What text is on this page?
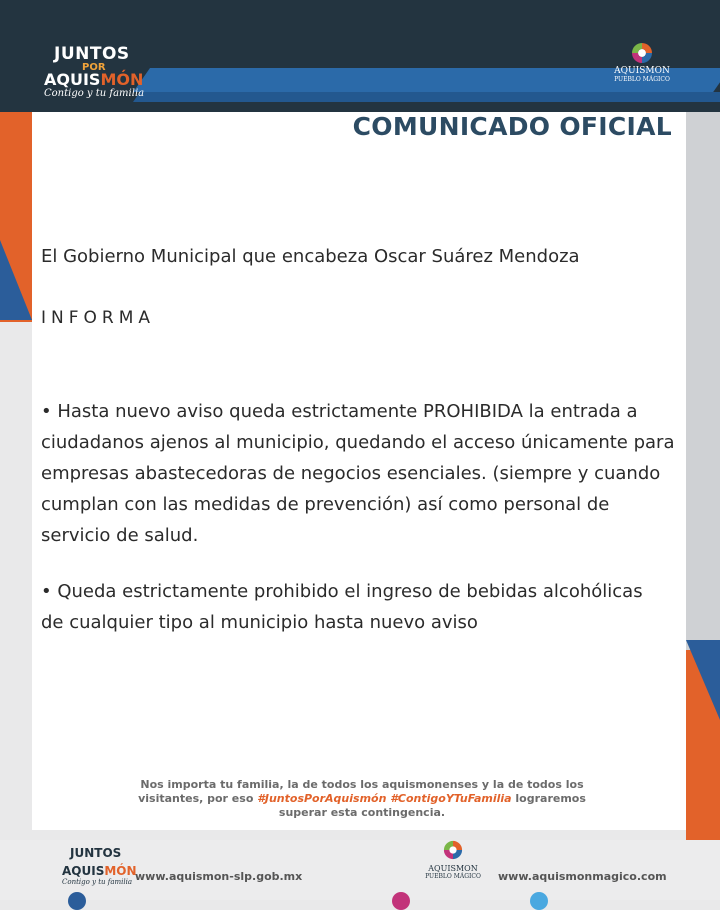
JUNTOS
POR
AQUISMÓN
Contigo y tu familia
AQUISMON
PUEBLO MÁGICO
COMUNICADO OFICIAL
El Gobierno Municipal que encabeza Oscar Suárez Mendoza
INFORMA
• Hasta nuevo aviso queda estrictamente PROHIBIDA la entrada a ciudadanos ajenos al municipio, quedando el acceso únicamente para empresas abastecedoras de negocios esenciales. (siempre y cuando cumplan con las medidas de prevención) así como personal de servicio de salud.
• Queda estrictamente prohibido el ingreso de bebidas alcohólicas
de cualquier tipo al municipio hasta nuevo aviso
Nos importa tu familia, la de todos los aquismonenses y la de todos los visitantes, por eso #JuntosPorAquismón #ContigoYTuFamilia lograremos superar esta contingencia.
JUNTOS
AQUISMÓN
Contigo y tu familia www.aquismon-slp.gob.mx
AQUISMON
PUEBLO MÁGICO www.aquismonmagico.com
